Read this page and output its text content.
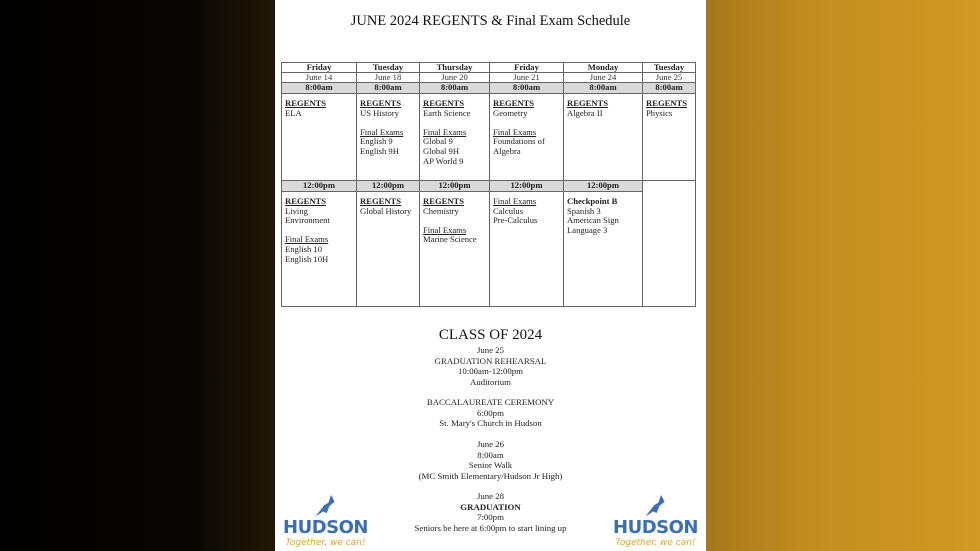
JUNE 2024 REGENTS & Final Exam Schedule
Friday
June 14
8:00am
REGENTS
ELA
12:00pm
REGENTS
Living
Environment
Final Exams
English 10
English 10H
Tuesday
June 18
8:00am
REGENTS
US History
Final Exams
English 9
English 9H
12:00pm
REGENTS
Global History
Thursday
June 20
8:00am
REGENTS
Earth Science
Final Exams
Global 9
Global 9H
AP World 9
12:00pm
REGENTS
Chemistry
Final Exams
Marine Science
Friday
June 21
8:00am
REGENTS
Geometry
Final Exams
Foundations of
Algebra
12:00pm
Final Exams
Calculus
Pre-Calculus
Monday
June 24
8:00am
REGENTS
Algebra II
12:00pm
Checkpoint B
Spanish 3
American Sign
Language 3
Tuesday
June 25
8:00am
REGENTS
Physics
CLASS OF 2024
June 25
GRADUATION REHEARSAL
10:00am-12:00pm
Auditorium
BACCALAUREATE CEREMONY
6:00pm
St. Mary's Church in Hudson
June 26
8:00am
Senior Walk
(MC Smith Elementary/Hudson Jr High)
June 28
GRADUATION
7:00pm
Seniors be here at 6:00pm to start lining up
HUDSON
Together, we can!
HUDSON
Together, we can!
